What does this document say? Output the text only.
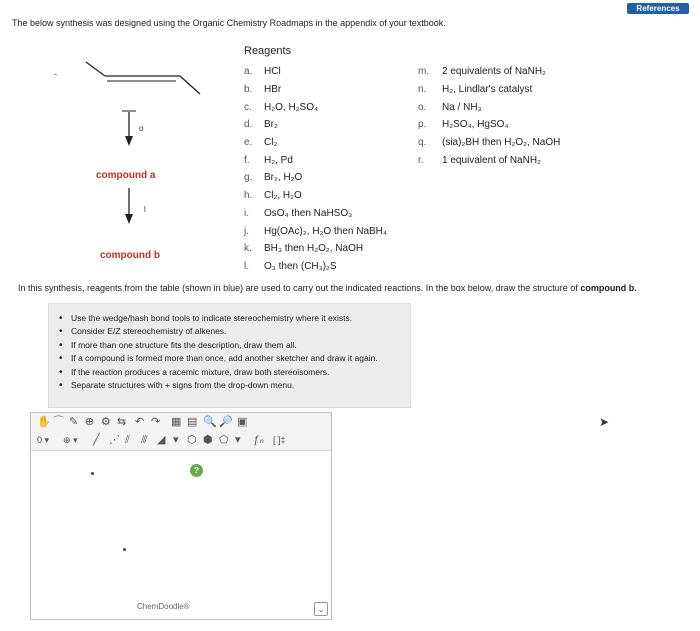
References
The below synthesis was designed using the Organic Chemistry Roadmaps in the appendix of your textbook.
o
l
compound a
compound b
Reagents
a.	HCl
b.	HBr
c.	H₂O, H₂SO₄
d.	Br₂
e.	Cl₂
f.	H₂, Pd
g.	Br₂, H₂O
h.	Cl₂, H₂O
i.	OsO₄ then NaHSO₃
j.	Hg(OAc)₂, H₂O then NaBH₄
k.	BH₃ then H₂O₂, NaOH
l.	O₃ then (CH₃)₂S
m.	2 equivalents of NaNH₂
n.	H₂, Lindlar's catalyst
o.	Na / NH₃
p.	H₂SO₄, HgSO₄
q.	(sia)₂BH then H₂O₂, NaOH
r.	1 equivalent of NaNH₂
In this synthesis, reagents from the table (shown in blue) are used to carry out the indicated reactions. In the box below, draw the structure of compound b.
• Use the wedge/hash bond tools to indicate stereochemistry where it exists.
• Consider E/Z stereochemistry of alkenes.
• If more than one structure fits the description, draw them all.
• If a compound is formed more than once, add another sketcher and draw it again.
• If the reaction produces a racemic mixture, draw both stereoisomers.
• Separate structures with + signs from the drop-down menu.
✋ ⌒ ✎ ⊕ ⚙ ⇆ ↶ ↷ ▦ ▤ 🔍 🔎 ▣
0 ▾ ⊕ ▾ ╱ ⋰ ⫽ ⫻ ◢ ▾ ⬡ ⬢ ⬠ ▾ ƒₙ [ ]‡
?
ChemDoodle®	⌄
➤
